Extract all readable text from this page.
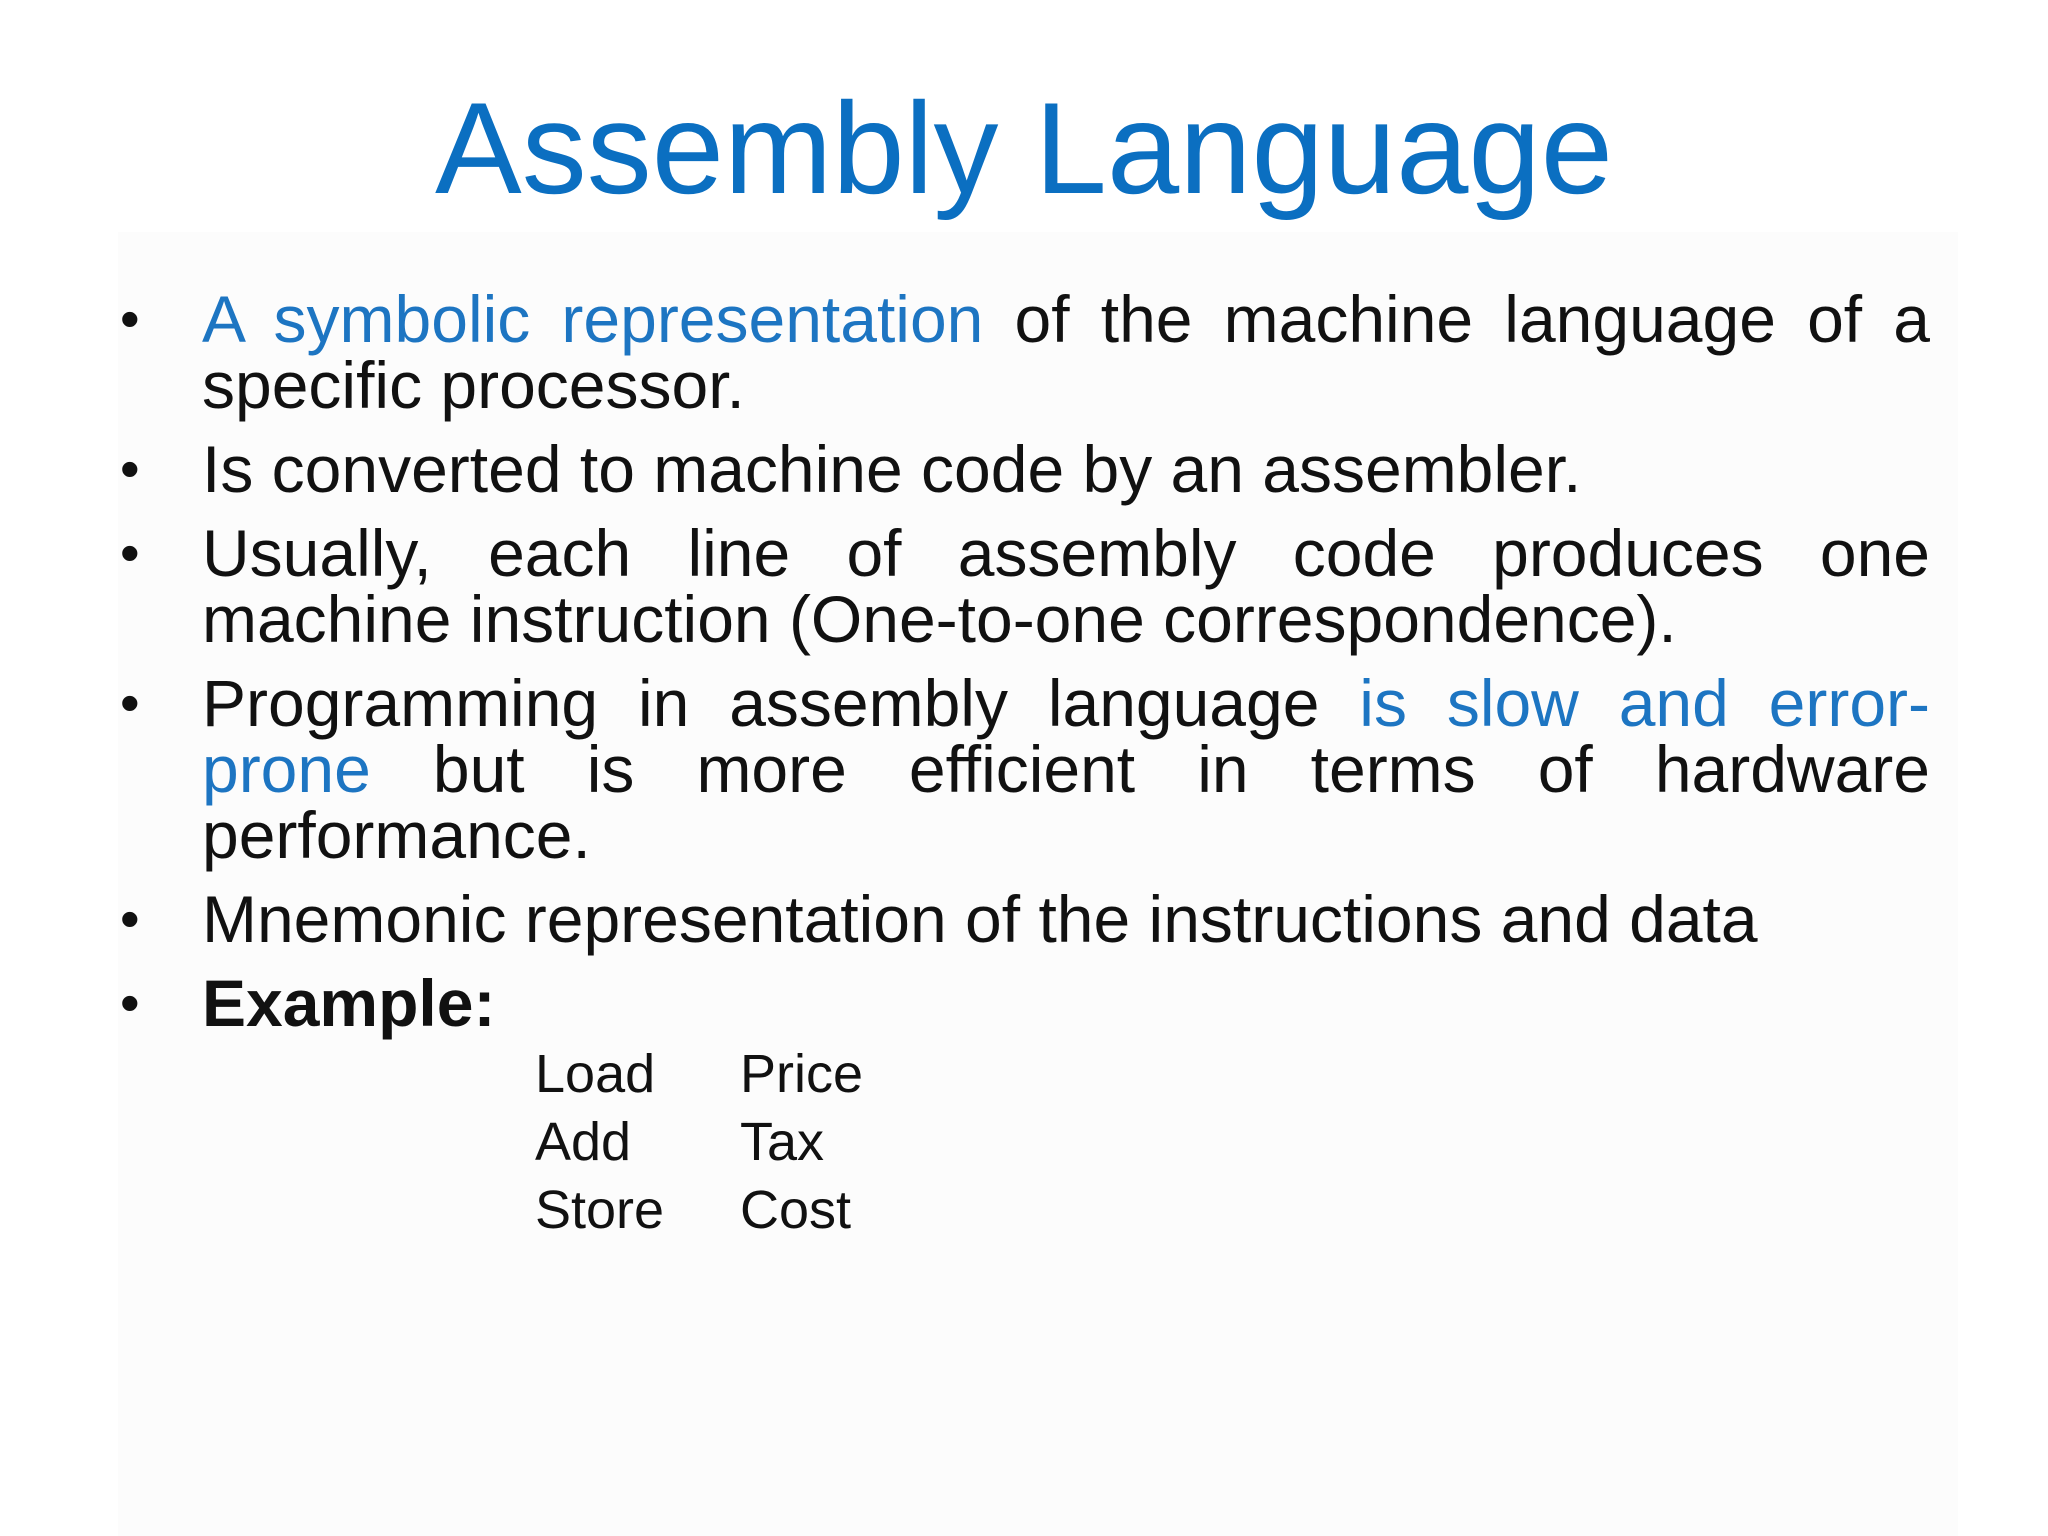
Assembly Language
• A symbolic representation of the machine language of a specific processor.
• Is converted to machine code by an assembler.
• Usually, each line of assembly code produces one machine instruction (One-to-one correspondence).
• Programming in assembly language is slow and error-prone but is more efficient in terms of hardware performance.
• Mnemonic representation of the instructions and data
• Example:
Load	Price
Add	Tax
Store	Cost
